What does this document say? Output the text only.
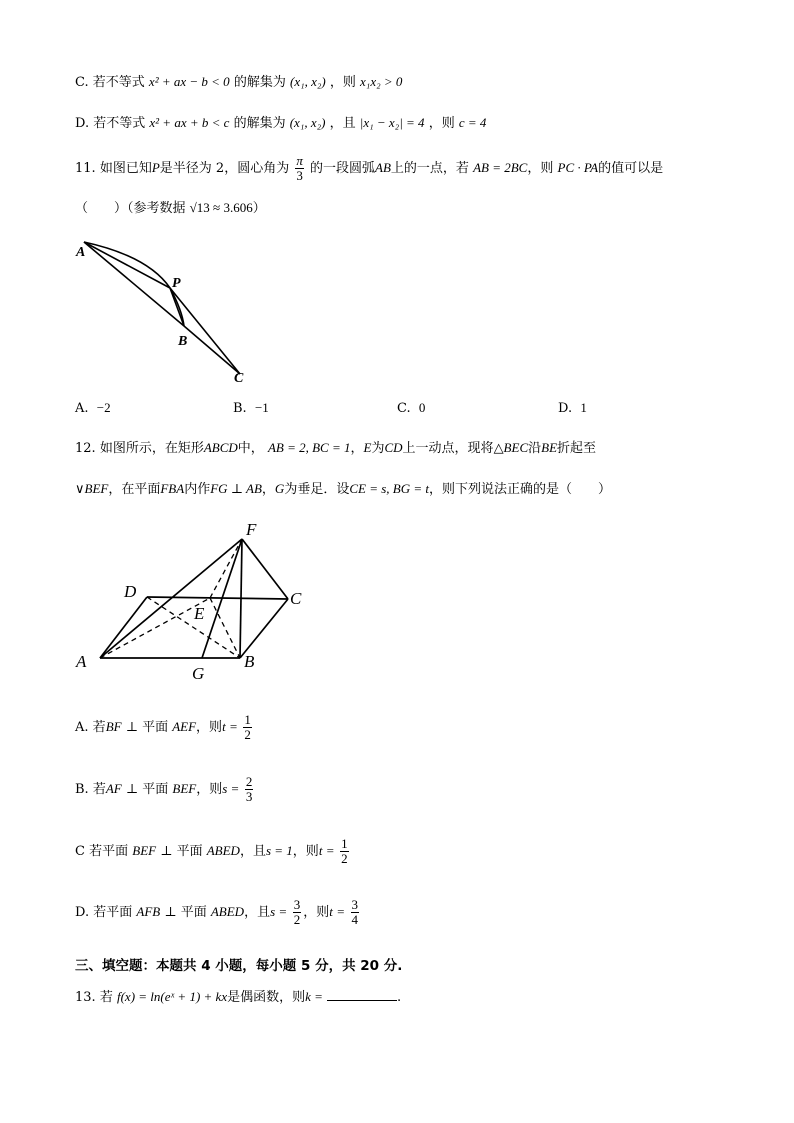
C. 若不等式 x² + ax − b < 0 的解集为 (x₁, x₂) ，则 x₁x₂ > 0
D. 若不等式 x² + ax + b < c 的解集为 (x₁, x₂) ，且 |x₁ − x₂| = 4 ，则 c = 4
11. 如图已知P是半径为 2，圆心角为 $\frac{\pi}{3}$ 的一段圆弧AB上的一点，若 AB = 2BC，则 PC · PA的值可以是
（　　）（参考数据 √13 ≈ 3.606）
A
P
B
C
A. −2	B. −1	C. 0	D. 1
12. 如图所示，在矩形ABCD中， AB = 2, BC = 1，E为CD上一动点，现将△BEC沿BE折起至
∨BEF，在平面FBA内作FG ⊥ AB，G为垂足．设CE = s, BG = t，则下列说法正确的是（　　）
F
D
E
C
A
G
B
A. 若BF ⊥ 平面 AEF，则$t = \frac{1}{2}$
B. 若AF ⊥ 平面 BEF，则$s = \frac{2}{3}$
C 若平面 BEF ⊥ 平面 ABED，且s = 1，则$t = \frac{1}{2}$
D. 若平面 AFB ⊥ 平面 ABED，且$s = \frac{3}{2}$ ，则$t = \frac{3}{4}$
三、填空题：本题共 4 小题，每小题 5 分，共 20 分.
13. 若 f(x) = ln(eˣ + 1) + kx是偶函数，则k =	.
